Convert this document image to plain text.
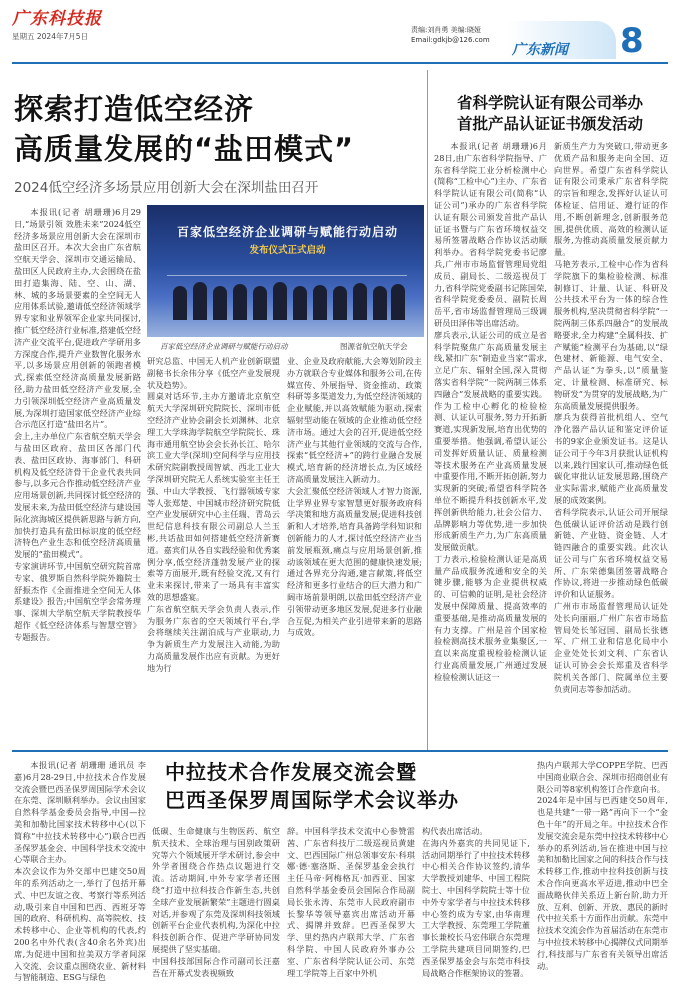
广东科技报
星期五 2024年7月5日
责编:刘肖勇 美编:晓娅
Email:gdkjb@126.com
广东新闻 8
探索打造低空经济
高质量发展的“盐田模式”
2024低空经济多场景应用创新大会在深圳盐田召开

本报讯(记者 胡珊珊)6月29日,“场景引领 效胜未来”2024低空经济多场景应用创新大会在深圳市盐田区召开。本次大会由广东省航空航天学会、深圳市交通运输局、盐田区人民政府主办,大会围绕在盐田打造集海、陆、空、山、湖、林、城的多场景要素的全空间无人应用体系试验,邀请低空经济领域学界专家和业界领军企业家共同探讨,推广低空经济行业标准,搭建低空经济产业交流平台,促进政产学研用多方深度合作,提升产业数智化服务水平,以多场景应用创新的领跑者模式,探索低空经济高质量发展新路径,助力盐田低空经济产业发展,全力引领深圳低空经济产业高质量发展,为深圳打造国家低空经济产业综合示范区打造“盐田名片”。
会上,主办单位广东省航空航天学会与盐田区政府、盐田区各部门代表、盐田区政协、海事部门、科研机构及低空经济骨干企业代表共同参与,以多元合作推动低空经济产业应用场景创新,共同探讨低空经济的发展未来,为盐田低空经济与建设国际化滨海城区提供新思路与新方向,加快打造具有盐田标识度的低空经济特色产业生态和低空经济高质量发展的“盐田模式”。
专家演讲环节,中国航空研究院首席专家、俄罗斯自然科学院外籍院士舒振杰作《全面推进全空间无人体系建设》报告;中国航空学会常务理事、深圳大学航空航天学院教授华超作《低空经济体系与智慧空管》专题报告。

百家低空经济企业调研与赋能行动启动
发布仪式正式启动
百家低空经济企业调研与赋能行动启动	图源省航空航天学会

研究总监、中国无人机产业创新联盟副秘书长余伟分享《低空产业发展现状及趋势》。
圆桌对话环节,主办方邀请北京航空航天大学深圳研究院院长、深圳市低空经济产业协会副会长刘渊林、北京理工大学珠海学院航空学院院长、珠海市通用航空协会会长孙长江、哈尔滨工业大学(深圳)空间科学与应用技术研究院副教授周智斌、西北工业大学深圳研究院无人系统实验室主任王强、中山大学教授、飞行器领域专家等人张郑楚、中国城市经济研究院低空产业发展研究中心主任瑞、青岛云世纪信息科技有限公司副总人兰玉彬,共话盐田如何搭建低空经济新赛道。嘉宾们从各自实践经验和优秀案例分享,低空经济蓬勃发展产业的探索等方面展开,既有经验交流,又有行业未来探讨,带来了一场具有丰富实效的思想盛宴。
广东省航空航天学会负责人表示,作为服务广东省的空天领域行平台,学会将继续关注湖泊成与产业联动,力争为新质生产力发展注入动能,为助力高质量发展作出应有贡献。为更好地为行

业、企业及政府献能,大会筹划阶段主办方就联合专业媒体和服务公司,在传媒宣传、外展指导、资金推动、政策科研等多渠道发力,为低空经济领域的企业赋能,并以高效赋能为驱动,探索辐射型动能在领域的企业推动低空经济市场。通过大会的召开,促进低空经济产业与其他行业领域的交流与合作,探索“低空经济+”的跨行业融合发展模式,培育新的经济增长点,为区域经济高质量发展注入新动力。
大会汇聚低空经济领域人才智力资源,让学界业界专家智慧更好服务政府科学决策和地方高质量发展;促进科技创新和人才培养,培育具备跨学科知识和创新能力的人才,探讨低空经济产业当前发展瓶颈,痛点与应用场景创新,推动该领域在更大范围的健康快速发展;通过各界充分沟通,建言献策,将低空经济和更多行业结合的巨大潜力和广阔市场前景明朗,以盐田低空经济产业引领带动更多地区发展,促进多行业融合互促,为相关产业引进带来新的思路与成效。

省科学院认证有限公司举办
首批产品认证证书颁发活动

本报讯(记者 胡珊珊)6月28日,由广东省科学院指导、广东省科学院工业分析检测中心(简称“工检中心”)主办、广东省科学院认证有限公司(简称“认证公司”)承办的广东省科学院认证有限公司颁发首批产品认证证书暨与广东省环境权益交易所签署战略合作协议活动顺利举办。省科学院党委书记廖兵,广州市市场监督管理局党组成员、副局长、二级巡视员丁力,省科学院党委副书记陈国荣,省科学院党委委员、副院长周岳平,省市场监督管理局三级调研员田泽伟等出席活动。
廖兵表示,认证公司的成立是省科学院聚焦广东高质量发展主线,紧扣广东“制造业当家”需求,立足广东、辐射全国,深入贯彻落实省科学院“一院两制三体系四融合”发展战略的重要实践。作为工检中心孵化的检验检测、认证认可服务,努力开拓新赛道,实现新发展,培育出优势的重要举措。他强调,希望认证公司发挥好质量认证、质量检测等技术服务在产业高质量发展中重要作用,不断开拓创新,努力实现新的突破;希望省科学院各单位不断提升科技创新水平,发挥创新供给能力,社会公信力、品牌影响力等优势,进一步加快形成新质生产力,为广东高质量发展做贡献。
丁力表示,检验检测认证是高质量产品成服务流通和安全的关键步骤,能够为企业提供权威的、可信赖的证明,是社会经济发展中保障质量、提高效率的重要基础,是推动高质量发展的有力支撑。广州是首个国家检验检测高技术服务业集聚区,一直以来高度重视检验检测认证行业高质量发展,广州通过发展检验检测认证这一

新质生产力为突破口,带动更多优质产品和服务走向全国、迈向世界。希望广东省科学院认证有限公司秉承广东省科学院的宗旨和理念,发挥好认证认可体检证、信用证、遵行证的作用,不断创新理念,创新服务范围,提供优质、高效的检测认证服务,为推动高质量发展贡献力量。
马艳芳表示,工检中心作为省科学院旗下的集检验检测、标准制修订、计量、认证、科研及公共技术平台为一体的综合性服务机构,坚决贯彻省科学院“一院两制三体系四融合”的发展战略要求,全力构建“全属科技、扩产赋能”检测平台为基础,以“绿色建材、新能源、电气安全、产品认证”为拳头,以“质量鉴定、计量检测、标准研究、标物研发”为贯穿的发展战略,为广东高质量发展提供服务。
廖兵为获得首批机组人、空气净化器产品认证和鉴定评价证书的9家企业颁发证书。这是认证公司于今年3月获批认证机构以来,践行国家认可,推动绿色低碳化审批认证发展思路,围绕产业实际需求,赋能产业高质量发展的成效案例。
省科学院表示,认证公司开展绿色低碳认证评价活动是践行创新链、产业链、资金链、人才链四融合的重要实践。此次认证公司与广东省环境权益交易所、广东荣德集团签署战略合作协议,将进一步推动绿色低碳评价和认证服务。
广州市市场监督管理局认证处处长向丽丽,广州广东省市场监管局处长邹冠国、副局长张德军、广州工业和信息化局中小企业处处长刘文利、广东省认证认可协会会长郑重及省科学院机关各部门、院属单位主要负责同志等参加活动。

本报讯(记者 胡珊珊 通讯员 李嘉)6月28-29日,中拉技术合作发展交流会暨巴西圣保罗周国际学术会议在东莞、深圳顺利举办。会议由国家自然科学基金委员会指导,中国—拉美和加勒比国家技术转移中心(以下简称“中拉技术转移中心”)联合巴西圣保罗基金会、中国科学技术交流中心等联合主办。
本次会议作为外交部中巴建交50周年的系列活动之一,举行了包括开幕式、中巴友谊之夜、考察行等系列活动,吸引来自中国和巴西、西班牙等国的政府、科研机构、高等院校、技术转移中心、企业等机构的代表,约200名中外代表(含40余名外宾)出席,为促进中国和拉美双方学者间深入交流、会议重点围绕农业、新材料与智能制造、ESG与绿色

中拉技术合作发展交流会暨
巴西圣保罗周国际学术会议举办

低碳、生命健康与生物医药、航空航天技术、全球治理与国别政策研究等六个领域展开学术研讨,参会中外学者围绕合作热点议题进行交流。活动期间,中外专家学者还围绕“打造中拉科技合作新生态,共创全球产业发展新繁荣”主题进行圆桌对话,并参观了东莞及深圳科技领域创新平台企业代表机构,为深化中拉科技创新合作、促进产学研协同发展提供了坚实基础。
中国科技部国际合作司副司长汪嘉吾在开幕式发表视频致

辞。中国科学技术交流中心参赞雷茜、广东省科技厅二级巡视员黄建文、巴西国际广州总领事安东·科琪娜·德·塞洛斯、圣保罗基金会执行主任马帝·阿梅格瓦·加西亚、国家自然科学基金委员会国际合作局副局长张永涛、东莞市人民政府副市长黎华等领导嘉宾出席活动开幕式、揭牌并致辞。巴西圣保罗大学、里约热内卢联邦大学、广东省科学院、中国人民政府外事办公室、广东省科学院认证公司、东莞理工学院等上百家中外机

构代表出席活动。
在海内外嘉宾的共同见证下,活动同期举行了中拉技术转移中心相关合作协议签约,清华大学教授刘建华、中国工程院院士、中国科学院院士等十位中外专家学者与中拉技术转移中心签约成为专家,由华南理工大学教授、东莞理工学院董事长兼校长马宏伟联合东莞理工学院共建项目同期签约,巴西圣保罗基金会与东莞市科技局战略合作框架协议的签署。

热内卢联邦大学COPPE学院、巴西中国商业联合会、深圳市招商创业有限公司等8家机构签订合作意向书。
2024年是中国与巴西建交50周年,也是共建“一带一路”再向下一个“金色十年”的开局之年。中拉技术合作发展交流会是东莞中拉技术转移中心举办的系列活动,旨在推进中国与拉美和加勒比国家之间的科技合作与技术转移工作,推动中拉科技创新与技术合作向更高水平迈进,推动中巴全面战略伙伴关系迈上新台阶,助力开放、互利、创新、开放、惠民的新时代中拉关系十方面作出贡献。东莞中拉技术交流会作为首届活动在东莞市与中拉技术转移中心揭牌仪式同期举行,科技部与广东省有关领导出席活动。
